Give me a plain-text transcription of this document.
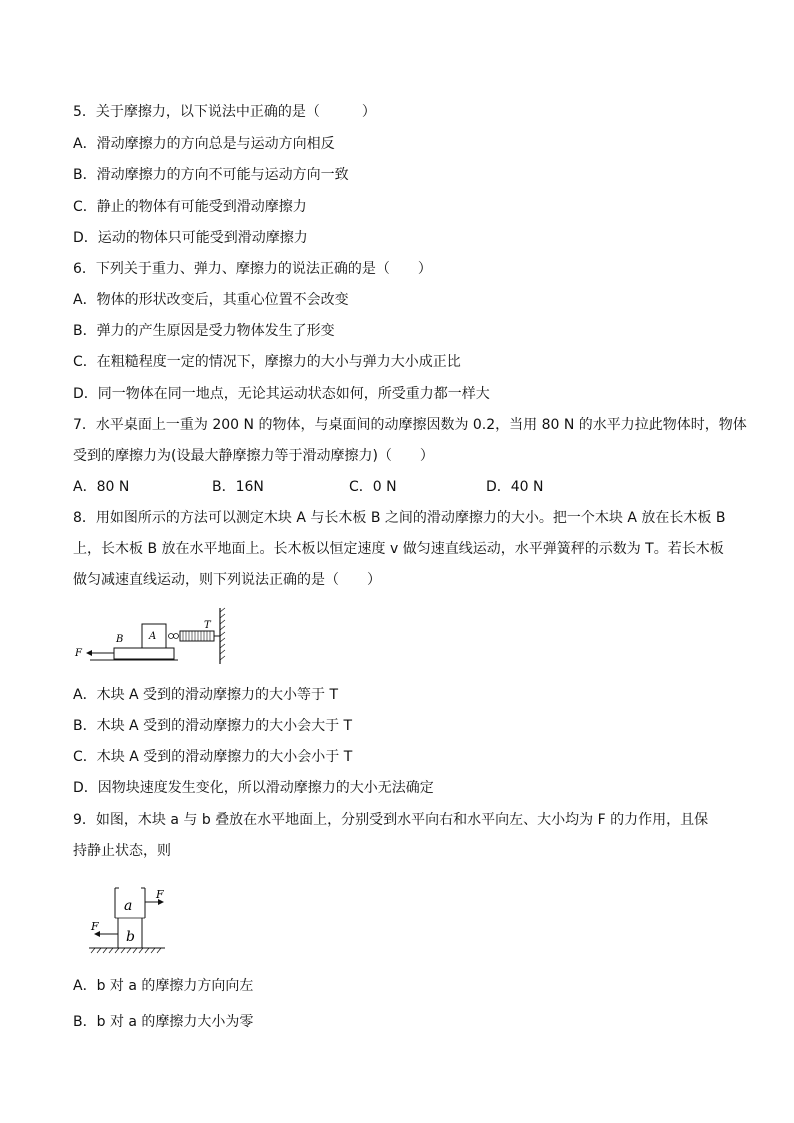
5．关于摩擦力，以下说法中正确的是（　　　）
A．滑动摩擦力的方向总是与运动方向相反
B．滑动摩擦力的方向不可能与运动方向一致
C．静止的物体有可能受到滑动摩擦力
D．运动的物体只可能受到滑动摩擦力
6．下列关于重力、弹力、摩擦力的说法正确的是（　　）
A．物体的形状改变后，其重心位置不会改变
B．弹力的产生原因是受力物体发生了形变
C．在粗糙程度一定的情况下，摩擦力的大小与弹力大小成正比
D．同一物体在同一地点，无论其运动状态如何，所受重力都一样大
7．水平桌面上一重为 200 N 的物体，与桌面间的动摩擦因数为 0.2，当用 80 N 的水平力拉此物体时，物体
受到的摩擦力为(设最大静摩擦力等于滑动摩擦力)（　　）
A．80 N	B．16N	C．0 N	D．40 N
8．用如图所示的方法可以测定木块 A 与长木板 B 之间的滑动摩擦力的大小。把一个木块 A 放在长木板 B
上，长木板 B 放在水平地面上。长木板以恒定速度 v 做匀速直线运动，水平弹簧秤的示数为 T。若长木板
做匀减速直线运动，则下列说法正确的是（　　）
F
B	A
T
A．木块 A 受到的滑动摩擦力的大小等于 T
B．木块 A 受到的滑动摩擦力的大小会大于 T
C．木块 A 受到的滑动摩擦力的大小会小于 T
D．因物块速度发生变化，所以滑动摩擦力的大小无法确定
9．如图，木块 a 与 b 叠放在水平地面上，分别受到水平向右和水平向左、大小均为 F 的力作用，且保
持静止状态，则
F
F
a
b
A．b 对 a 的摩擦力方向向左
B．b 对 a 的摩擦力大小为零
